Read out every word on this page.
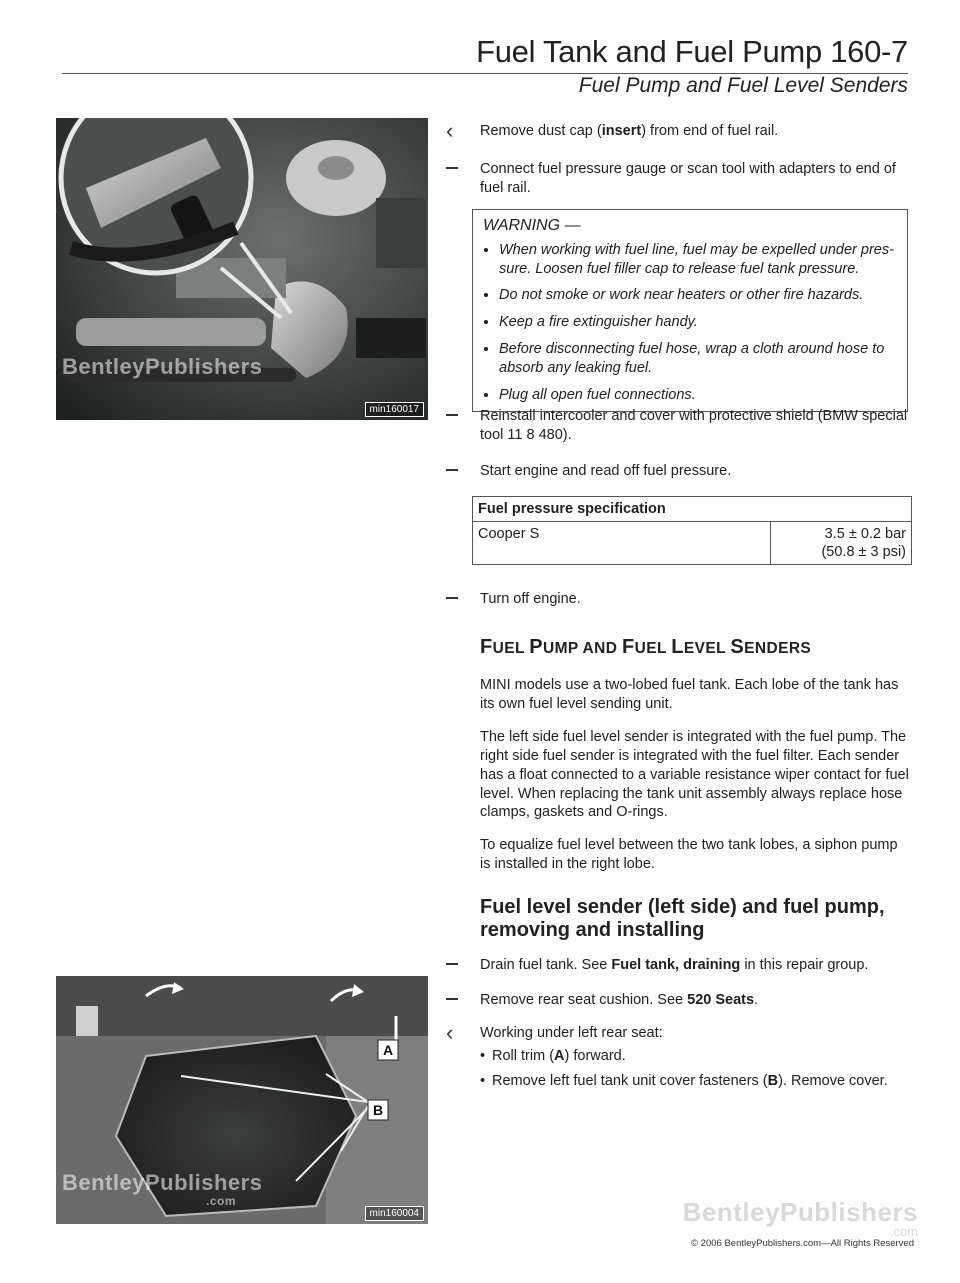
Fuel Tank and Fuel Pump 160-7
Fuel Pump and Fuel Level Senders
BentleyPublishers
min160017
A
B
BentleyPublishers
.com
min160004
‹	Remove dust cap (insert) from end of fuel rail.
Connect fuel pressure gauge or scan tool with adapters to end of fuel rail.
WARNING —
• When working with fuel line, fuel may be expelled under pres- sure. Loosen fuel filler cap to release fuel tank pressure.
• Do not smoke or work near heaters or other fire hazards.
• Keep a fire extinguisher handy.
• Before disconnecting fuel hose, wrap a cloth around hose to absorb any leaking fuel.
• Plug all open fuel connections.
Reinstall intercooler and cover with protective shield (BMW special tool 11 8 480).
Start engine and read off fuel pressure.
Fuel pressure specification
Cooper S	3.5 ± 0.2 bar
(50.8 ± 3 psi)
Turn off engine.
FUEL PUMP AND FUEL LEVEL SENDERS
MINI models use a two-lobed fuel tank. Each lobe of the tank has its own fuel level sending unit.
The left side fuel level sender is integrated with the fuel pump. The right side fuel sender is integrated with the fuel filter. Each sender has a float connected to a variable resistance wiper contact for fuel level. When replacing the tank unit assembly always replace hose clamps, gaskets and O-rings.
To equalize fuel level between the two tank lobes, a siphon pump is installed in the right lobe.
Fuel level sender (left side) and fuel pump, removing and installing
Drain fuel tank. See Fuel tank, draining in this repair group.
Remove rear seat cushion. See 520 Seats.
‹	Working under left rear seat:
• Roll trim (A) forward.
• Remove left fuel tank unit cover fasteners (B). Remove cover.
BentleyPublishers
.com
© 2006 BentleyPublishers.com—All Rights Reserved
